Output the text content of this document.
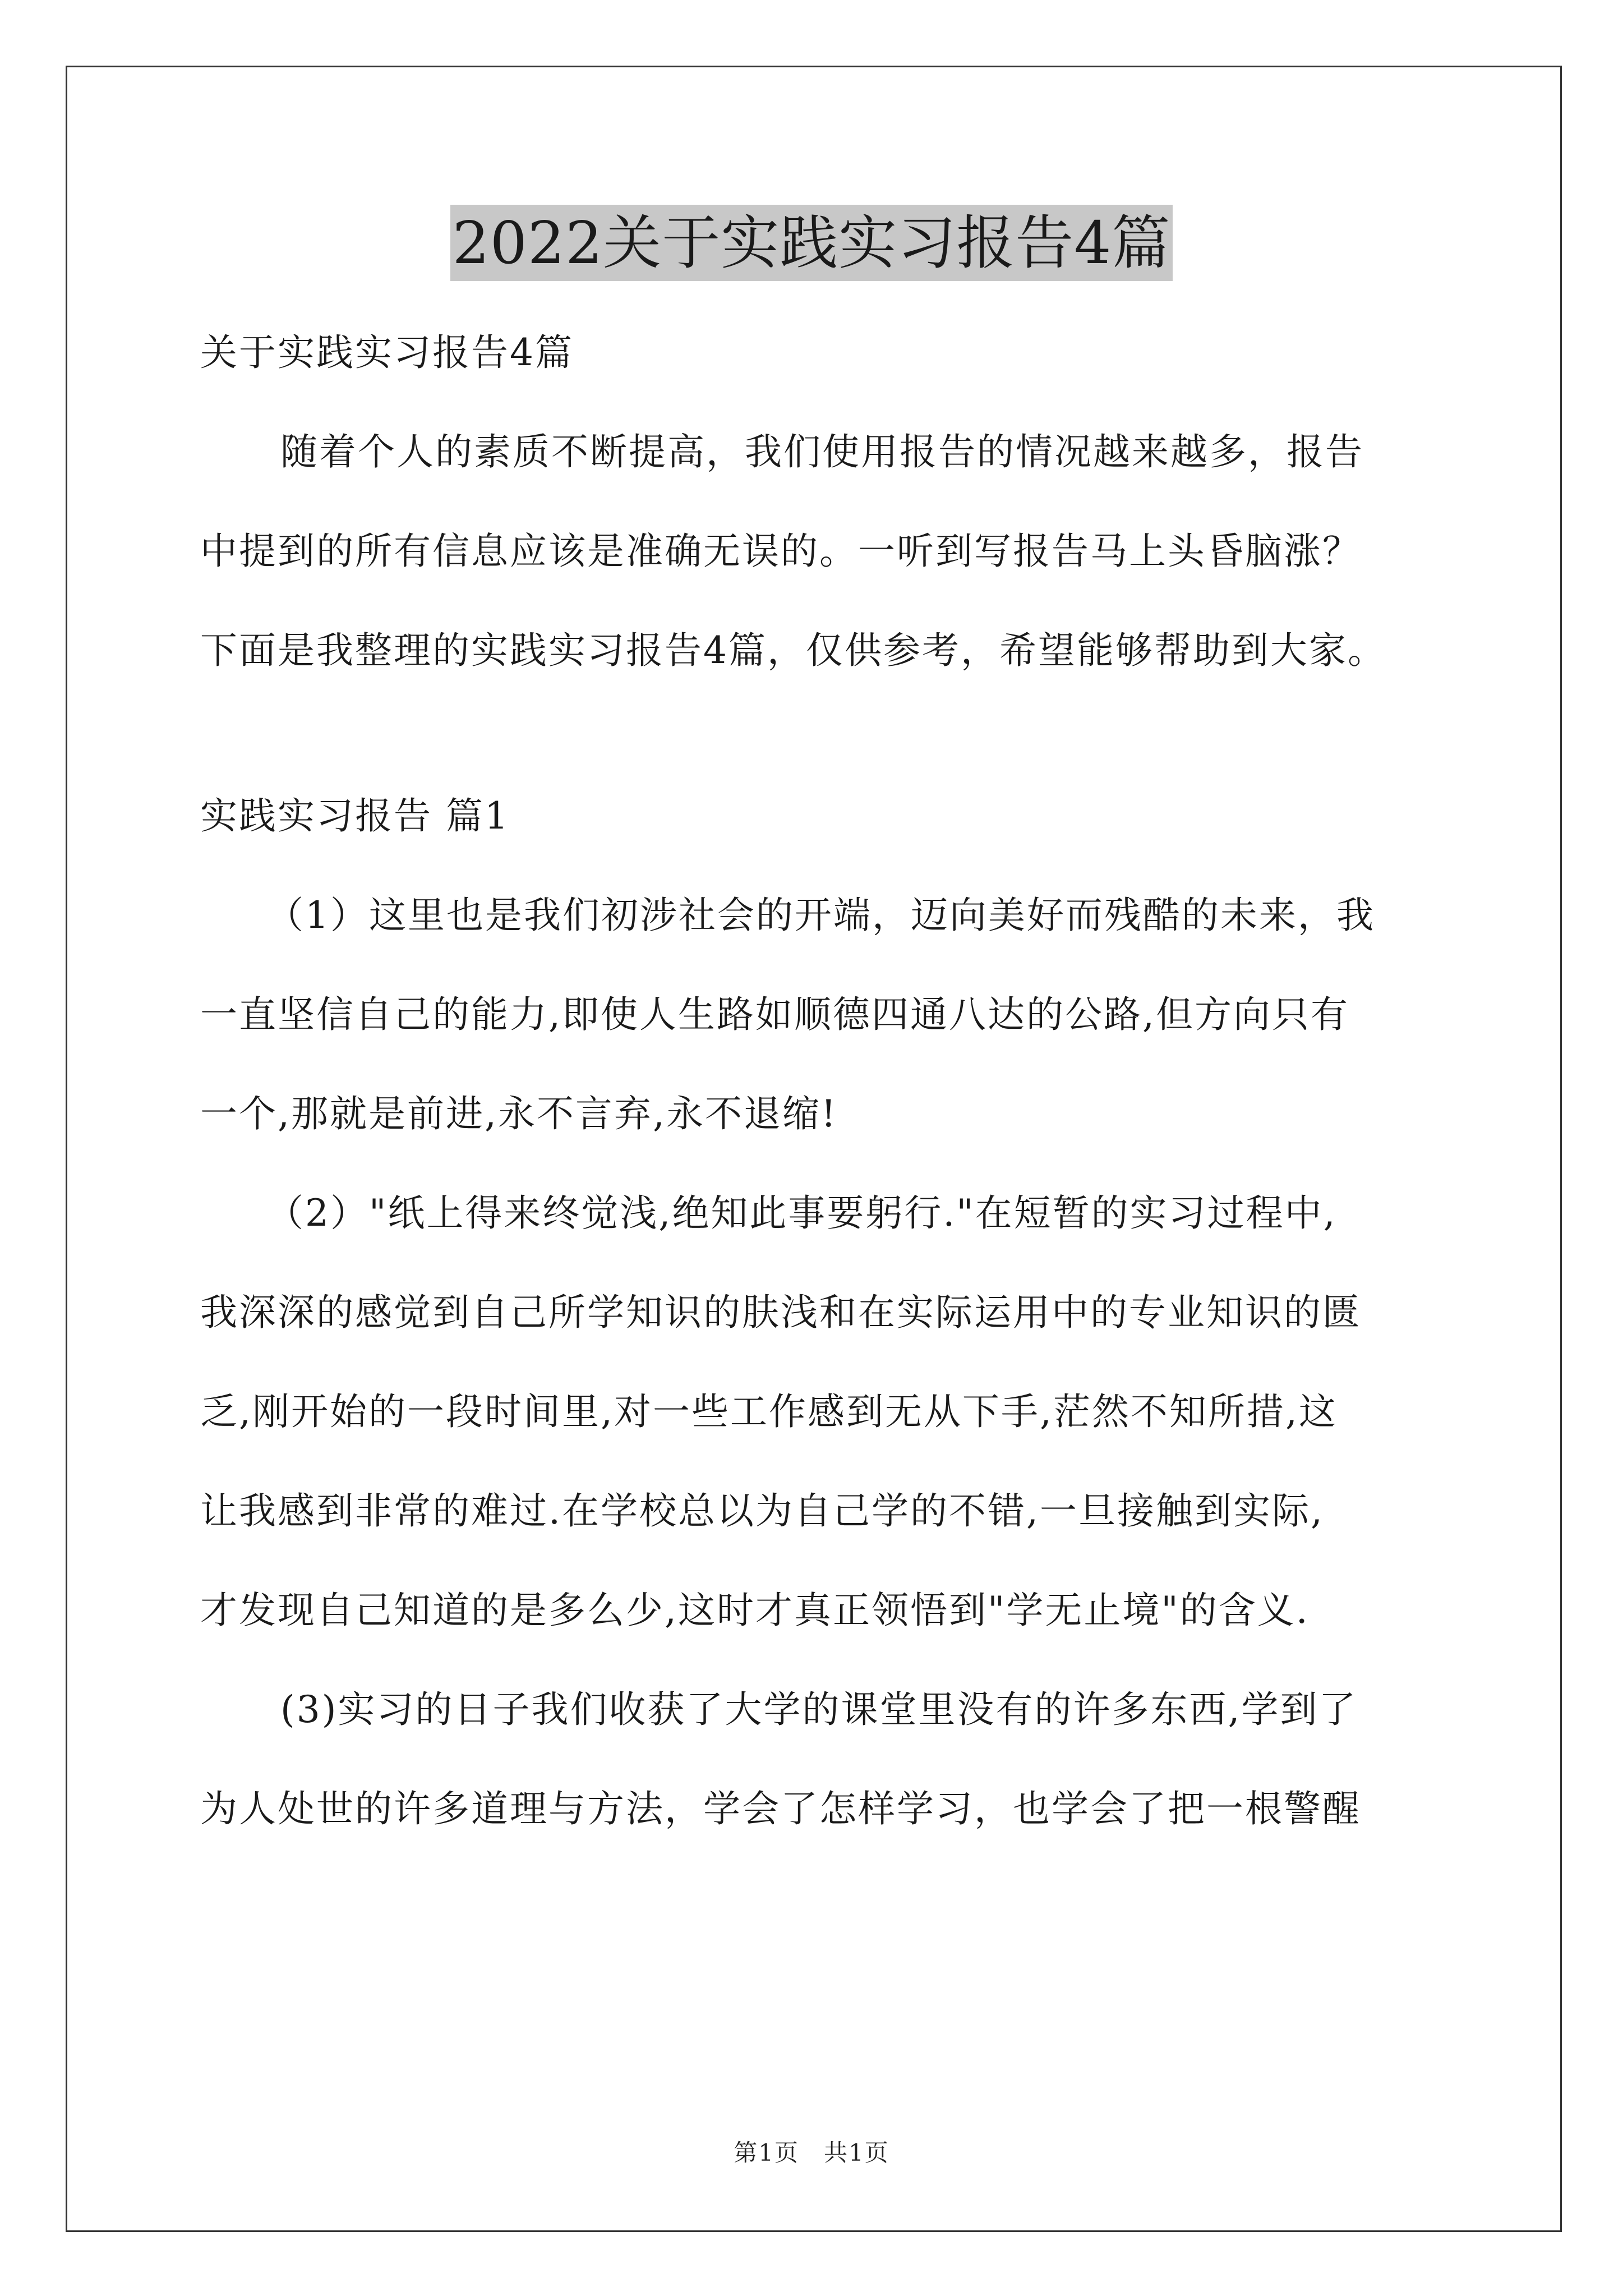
2022关于实践实习报告4篇

关于实践实习报告4篇

随着个人的素质不断提高，我们使用报告的情况越来越多，报告

中提到的所有信息应该是准确无误的。一听到写报告马上头昏脑涨？

下面是我整理的实践实习报告4篇，仅供参考，希望能够帮助到大家。

实践实习报告 篇1

（1）这里也是我们初涉社会的开端，迈向美好而残酷的未来，我

一直坚信自己的能力,即使人生路如顺德四通八达的公路,但方向只有

一个,那就是前进,永不言弃,永不退缩!

（2）"纸上得来终觉浅,绝知此事要躬行."在短暂的实习过程中,

我深深的感觉到自己所学知识的肤浅和在实际运用中的专业知识的匮

乏,刚开始的一段时间里,对一些工作感到无从下手,茫然不知所措,这

让我感到非常的难过.在学校总以为自己学的不错,一旦接触到实际,

才发现自己知道的是多么少,这时才真正领悟到"学无止境"的含义.

(3)实习的日子我们收获了大学的课堂里没有的许多东西,学到了

为人处世的许多道理与方法，学会了怎样学习，也学会了把一根警醒

第1页　共1页
